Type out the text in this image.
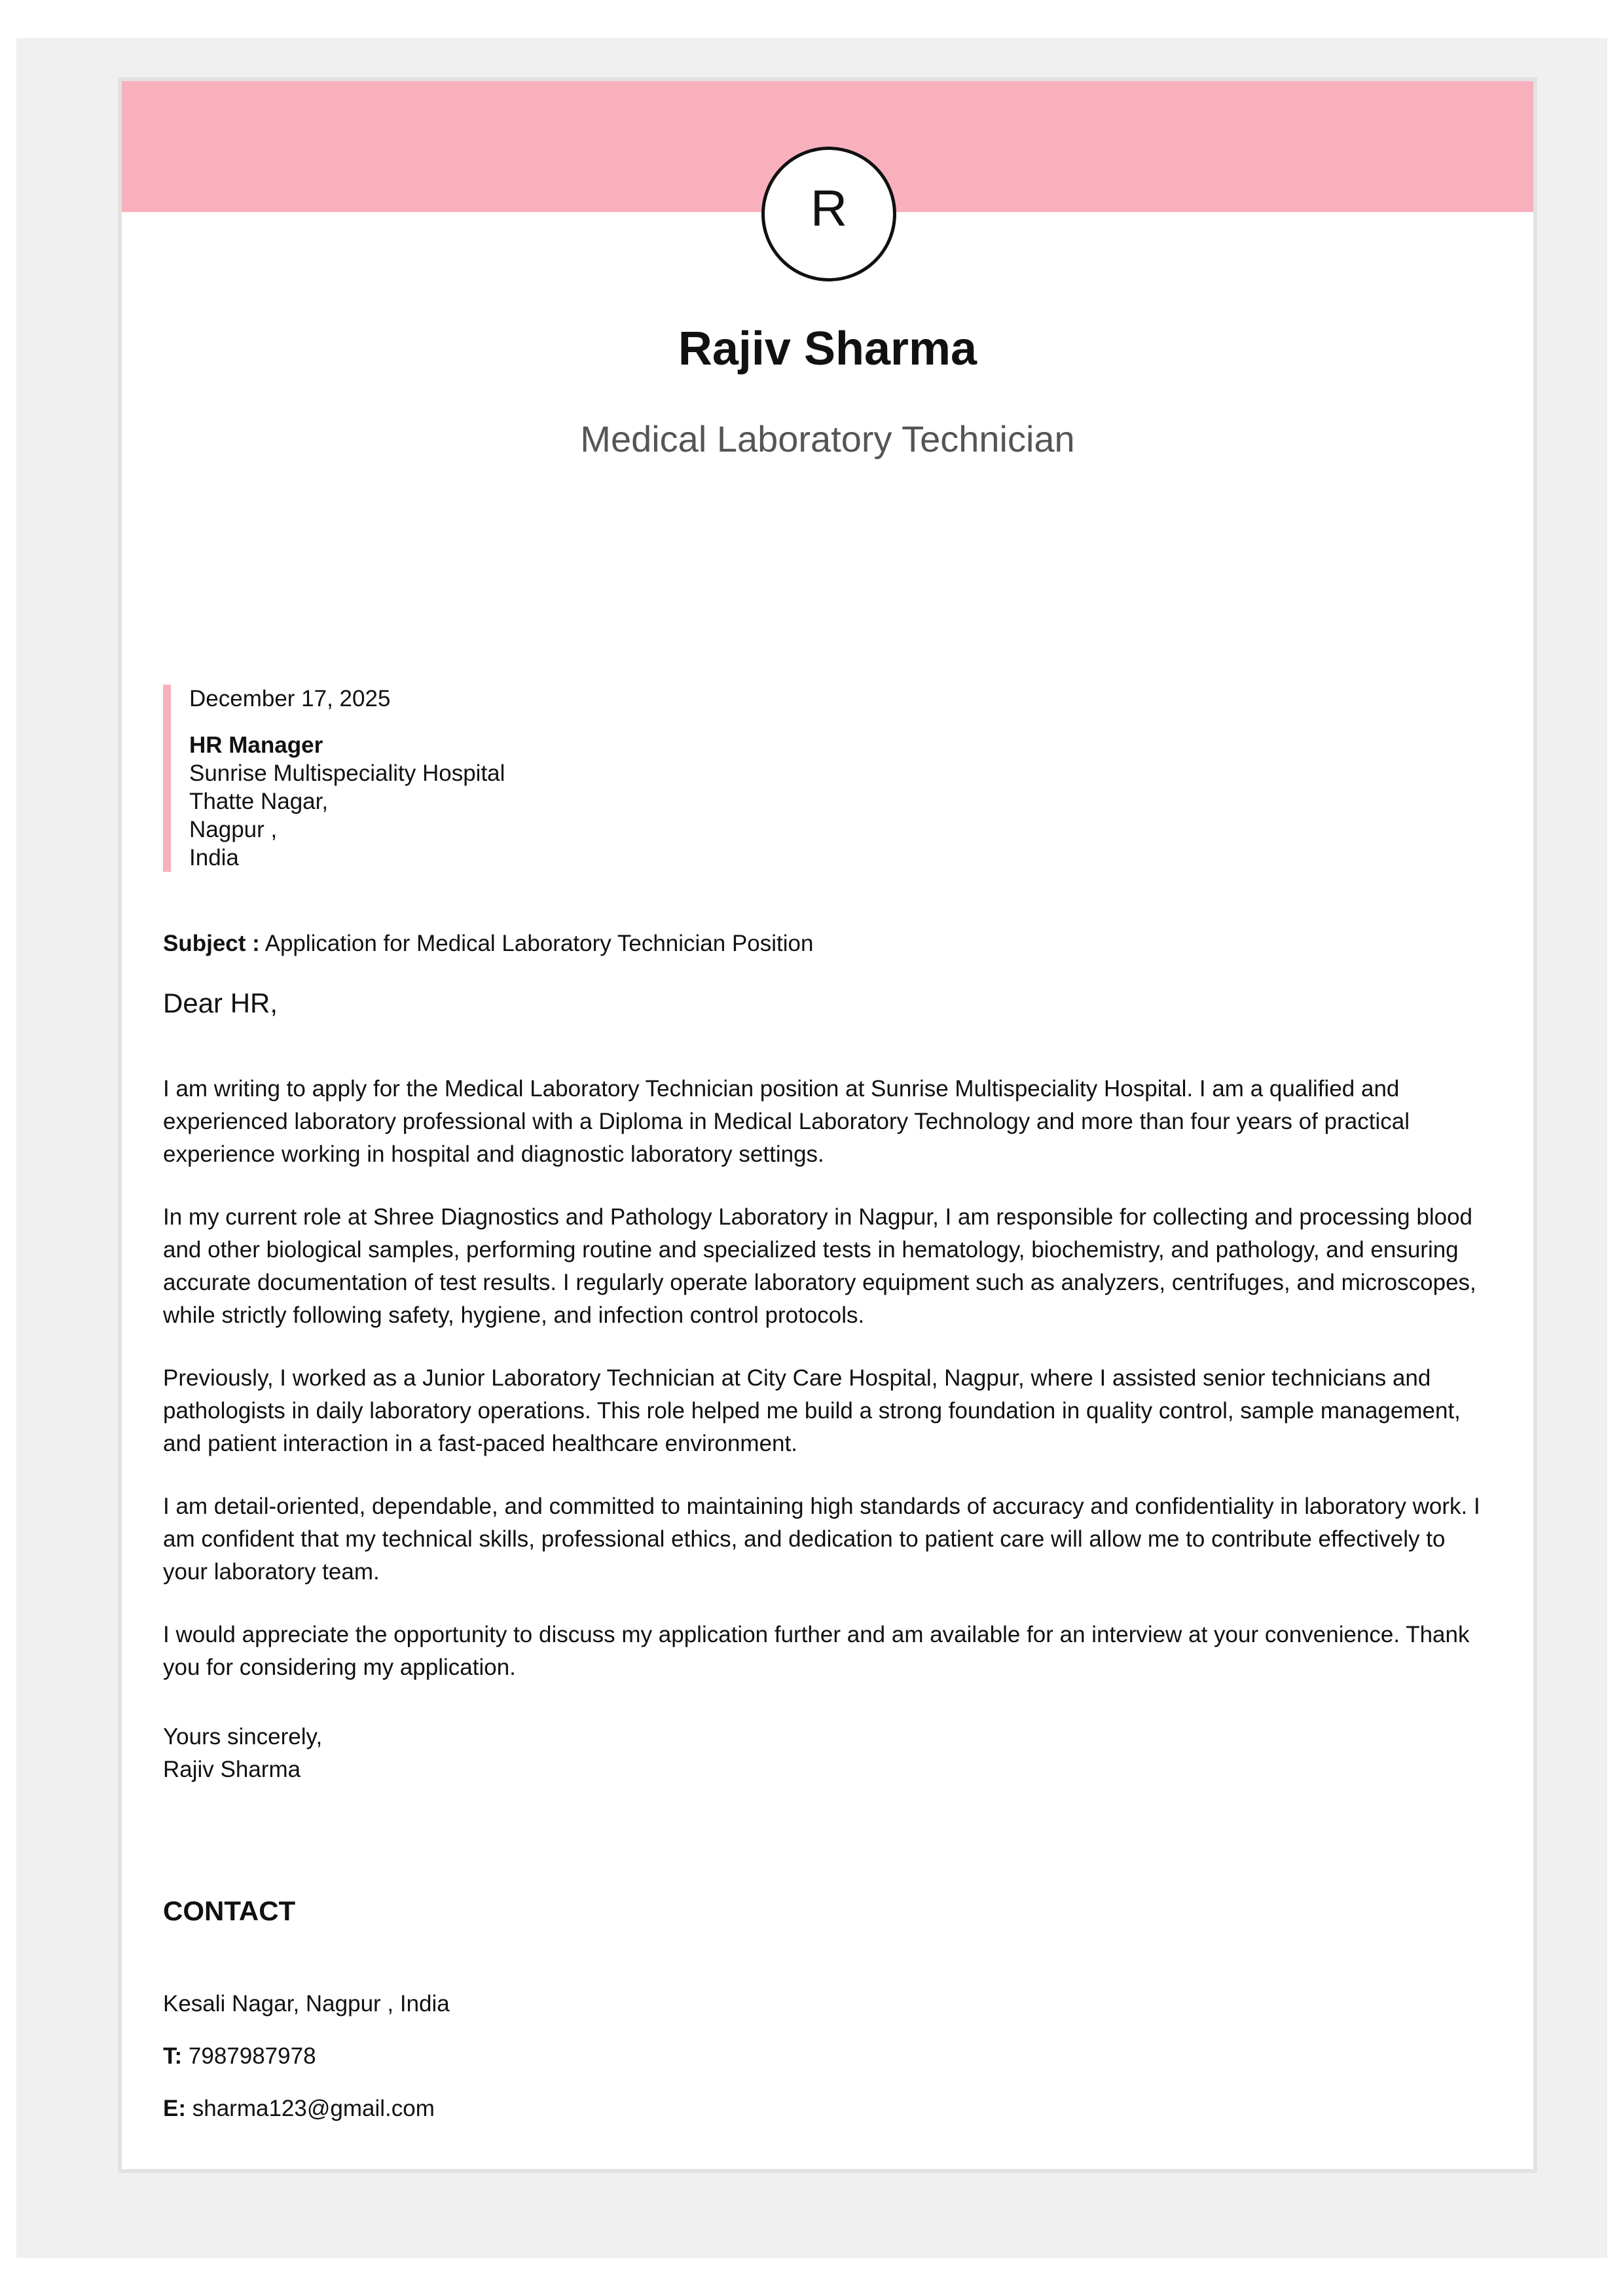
R
Rajiv Sharma
Medical Laboratory Technician
December 17, 2025
HR Manager
Sunrise Multispeciality Hospital
Thatte Nagar,
Nagpur ,
India
Subject : Application for Medical Laboratory Technician Position
Dear HR,

I am writing to apply for the Medical Laboratory Technician position at Sunrise Multispeciality Hospital. I am a qualified and experienced laboratory professional with a Diploma in Medical Laboratory Technology and more than four years of practical experience working in hospital and diagnostic laboratory settings.

In my current role at Shree Diagnostics and Pathology Laboratory in Nagpur, I am responsible for collecting and processing blood and other biological samples, performing routine and specialized tests in hematology, biochemistry, and pathology, and ensuring accurate documentation of test results. I regularly operate laboratory equipment such as analyzers, centrifuges, and microscopes, while strictly following safety, hygiene, and infection control protocols.

Previously, I worked as a Junior Laboratory Technician at City Care Hospital, Nagpur, where I assisted senior technicians and pathologists in daily laboratory operations. This role helped me build a strong foundation in quality control, sample management, and patient interaction in a fast-paced healthcare environment.

I am detail-oriented, dependable, and committed to maintaining high standards of accuracy and confidentiality in laboratory work. I am confident that my technical skills, professional ethics, and dedication to patient care will allow me to contribute effectively to your laboratory team.

I would appreciate the opportunity to discuss my application further and am available for an interview at your convenience. Thank you for considering my application.

Yours sincerely,
Rajiv Sharma
CONTACT
Kesali Nagar, Nagpur , India
T: 7987987978
E: sharma123@gmail.com
